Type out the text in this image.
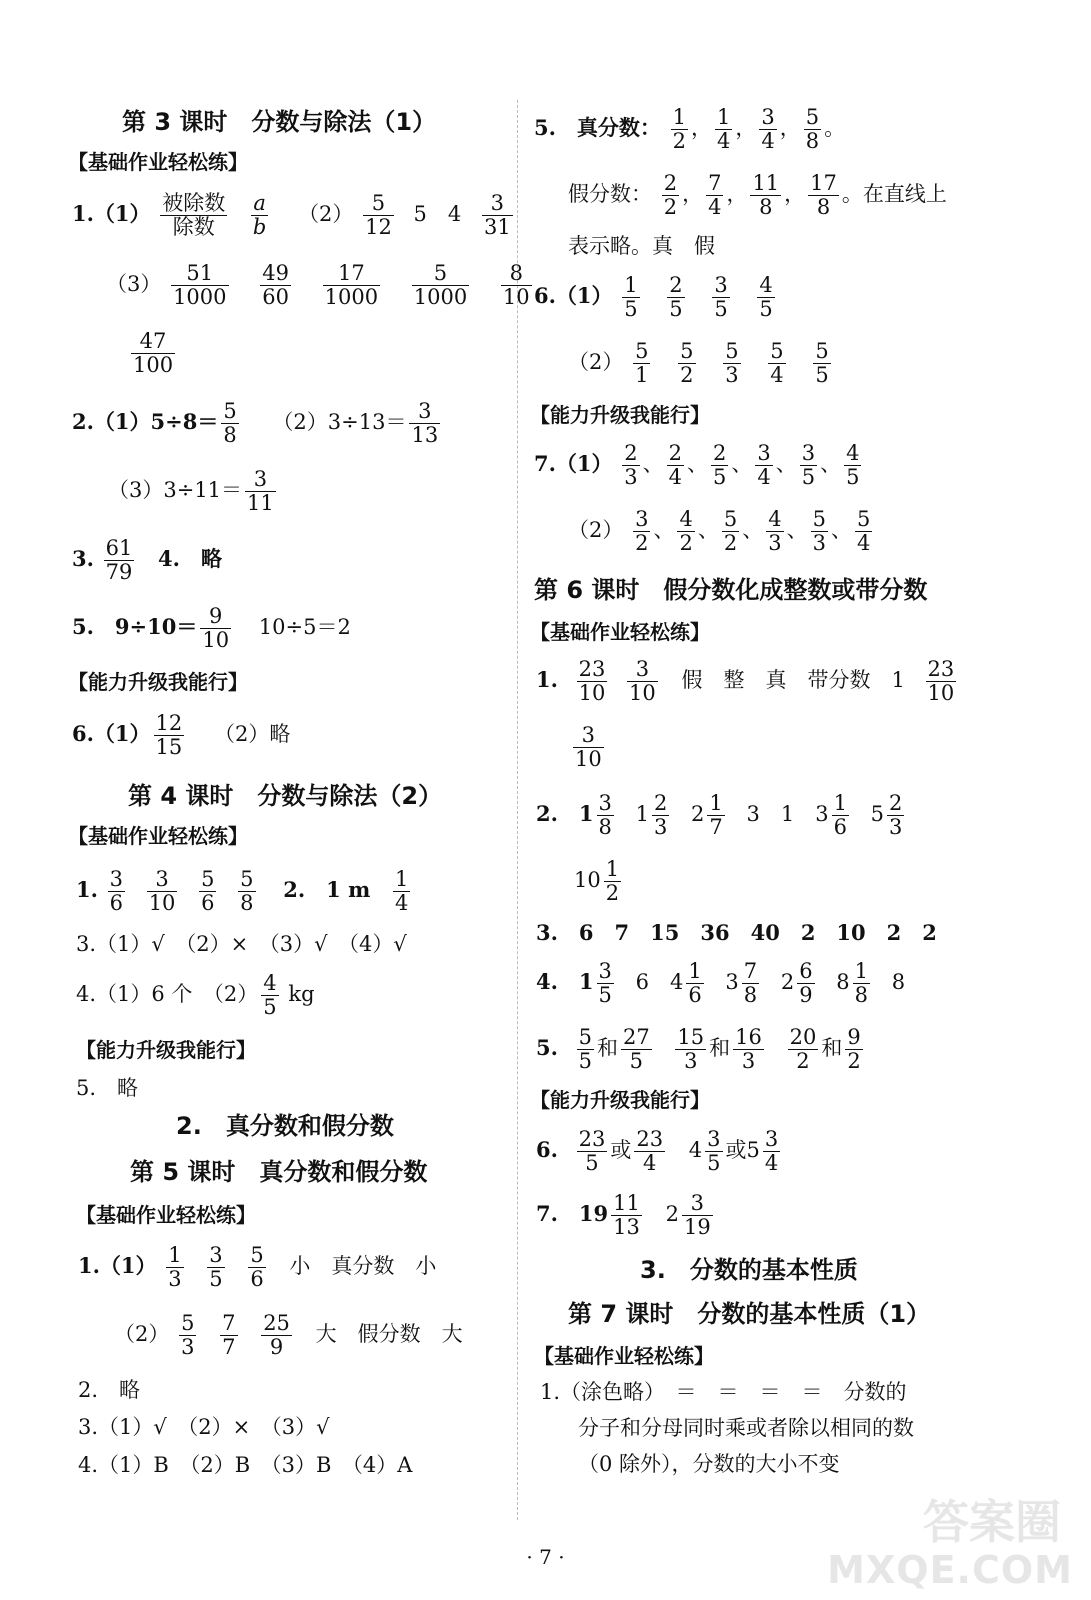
第 3 课时　分数与除法（1）
【基础作业轻松练】
1.（1） 被除数
除数
	$\frac{a}{b} (2) \frac{5}{12} 5$　$4 \frac{3}{31}$
$(3) \frac{51}{1000}$
$\frac{49}{60}$
$\frac{17}{1000}$
$\frac{5}{1000}$
$\frac{8}{10}$
$\frac{47}{100}$
$2.(1)5\div 8= \frac{5}{8} (2)3\div 13= \frac{3}{13}$
$(3)3\div 11= \frac{3}{11}$
3. $\frac{61}{79} 4$.　略
5.　$9\div 10= \frac{9}{10} 10\div 5=2$
【能力升级我能行】
$6.(1) \frac{12}{15} (2)$略
第 4 课时　分数与除法（2）
【基础作业轻松练】
1. $\frac{3}{6}$
$\frac{3}{10}$
$\frac{5}{6}$
$\frac{5}{8} 2$.　1 m $\frac{1}{4}$
3.（1）√　（2）×　（3）√　（4）√
4.（1）6 个　$(2) \frac{4}{5}$ kg
【能力升级我能行】
5.　略
2.　真分数和假分数
第 5 课时　真分数和假分数
【基础作业轻松练】
$1.(1) \frac{1}{3}$
$\frac{3}{5}$
$\frac{5}{6}$ 小　真分数　小
$(2) \frac{5}{3}$
$\frac{7}{7}$
$\frac{25}{9}$ 大　假分数　大
2.　略
3.（1）√　（2）×　（3）√
4.（1）B　（2）B　（3）B　（4）A
5.　真分数： $\frac{1}{2}$ ， $\frac{1}{4}$ ， $\frac{3}{4}$ ， $\frac{5}{8}$ 。
假分数： $\frac{2}{2}$ ， $\frac{7}{4}$ ， $\frac{11}{8}$ ， $\frac{17}{8}$ 。在直线上
表示略。真　假
$6.(1) \frac{1}{5}$
$\frac{2}{5}$
$\frac{3}{5}$
$\frac{4}{5}$
$(2) \frac{5}{1}$
$\frac{5}{2}$
$\frac{5}{3}$
$\frac{5}{4}$
$\frac{5}{5}$
【能力升级我能行】
$7.(1) \frac{2}{3}$ 、 $\frac{2}{4}$ 、 $\frac{2}{5}$ 、 $\frac{3}{4}$ 、 $\frac{3}{5}$ 、 $\frac{4}{5}$
$(2) \frac{3}{2}$ 、 $\frac{4}{2}$ 、 $\frac{5}{2}$ 、 $\frac{4}{3}$ 、 $\frac{5}{3}$ 、 $\frac{5}{4}$
第 6 课时　假分数化成整数或带分数
【基础作业轻松练】
1. $\frac{23}{10}$
$\frac{3}{10}$ 假　整　真　带分数　$1 \frac{23}{10}$
$\frac{3}{10}$
2.　$1 \frac{3}{8} 1 \frac{2}{3} 2 \frac{1}{7} 3$　1　$3 \frac{1}{6} 5 \frac{2}{3}$
$10 \frac{1}{2}$
3.　6　7　15　36　40　2　10　2　2
4.　$1 \frac{3}{5} 6$　$4 \frac{1}{6} 3 \frac{7}{8} 2 \frac{6}{9} 8 \frac{1}{8} 8$
5. $\frac{5}{5}$ 和 $\frac{27}{5}$
$\frac{15}{3}$ 和 $\frac{16}{3}$
$\frac{20}{2}$ 和 $\frac{9}{2}$
【能力升级我能行】
6. $\frac{23}{5}$ 或 $\frac{23}{4} 4 \frac{3}{5}$ 或$5 \frac{3}{4}$
7.　$19 \frac{11}{13} 2 \frac{3}{19}$
3.　分数的基本性质
第 7 课时　分数的基本性质（1）
【基础作业轻松练】
1.（涂色略）　＝　＝　＝　＝　分数的
分子和分母同时乘或者除以相同的数
（0 除外），分数的大小不变
· 7 ·
答案圈
MXQE.COM
